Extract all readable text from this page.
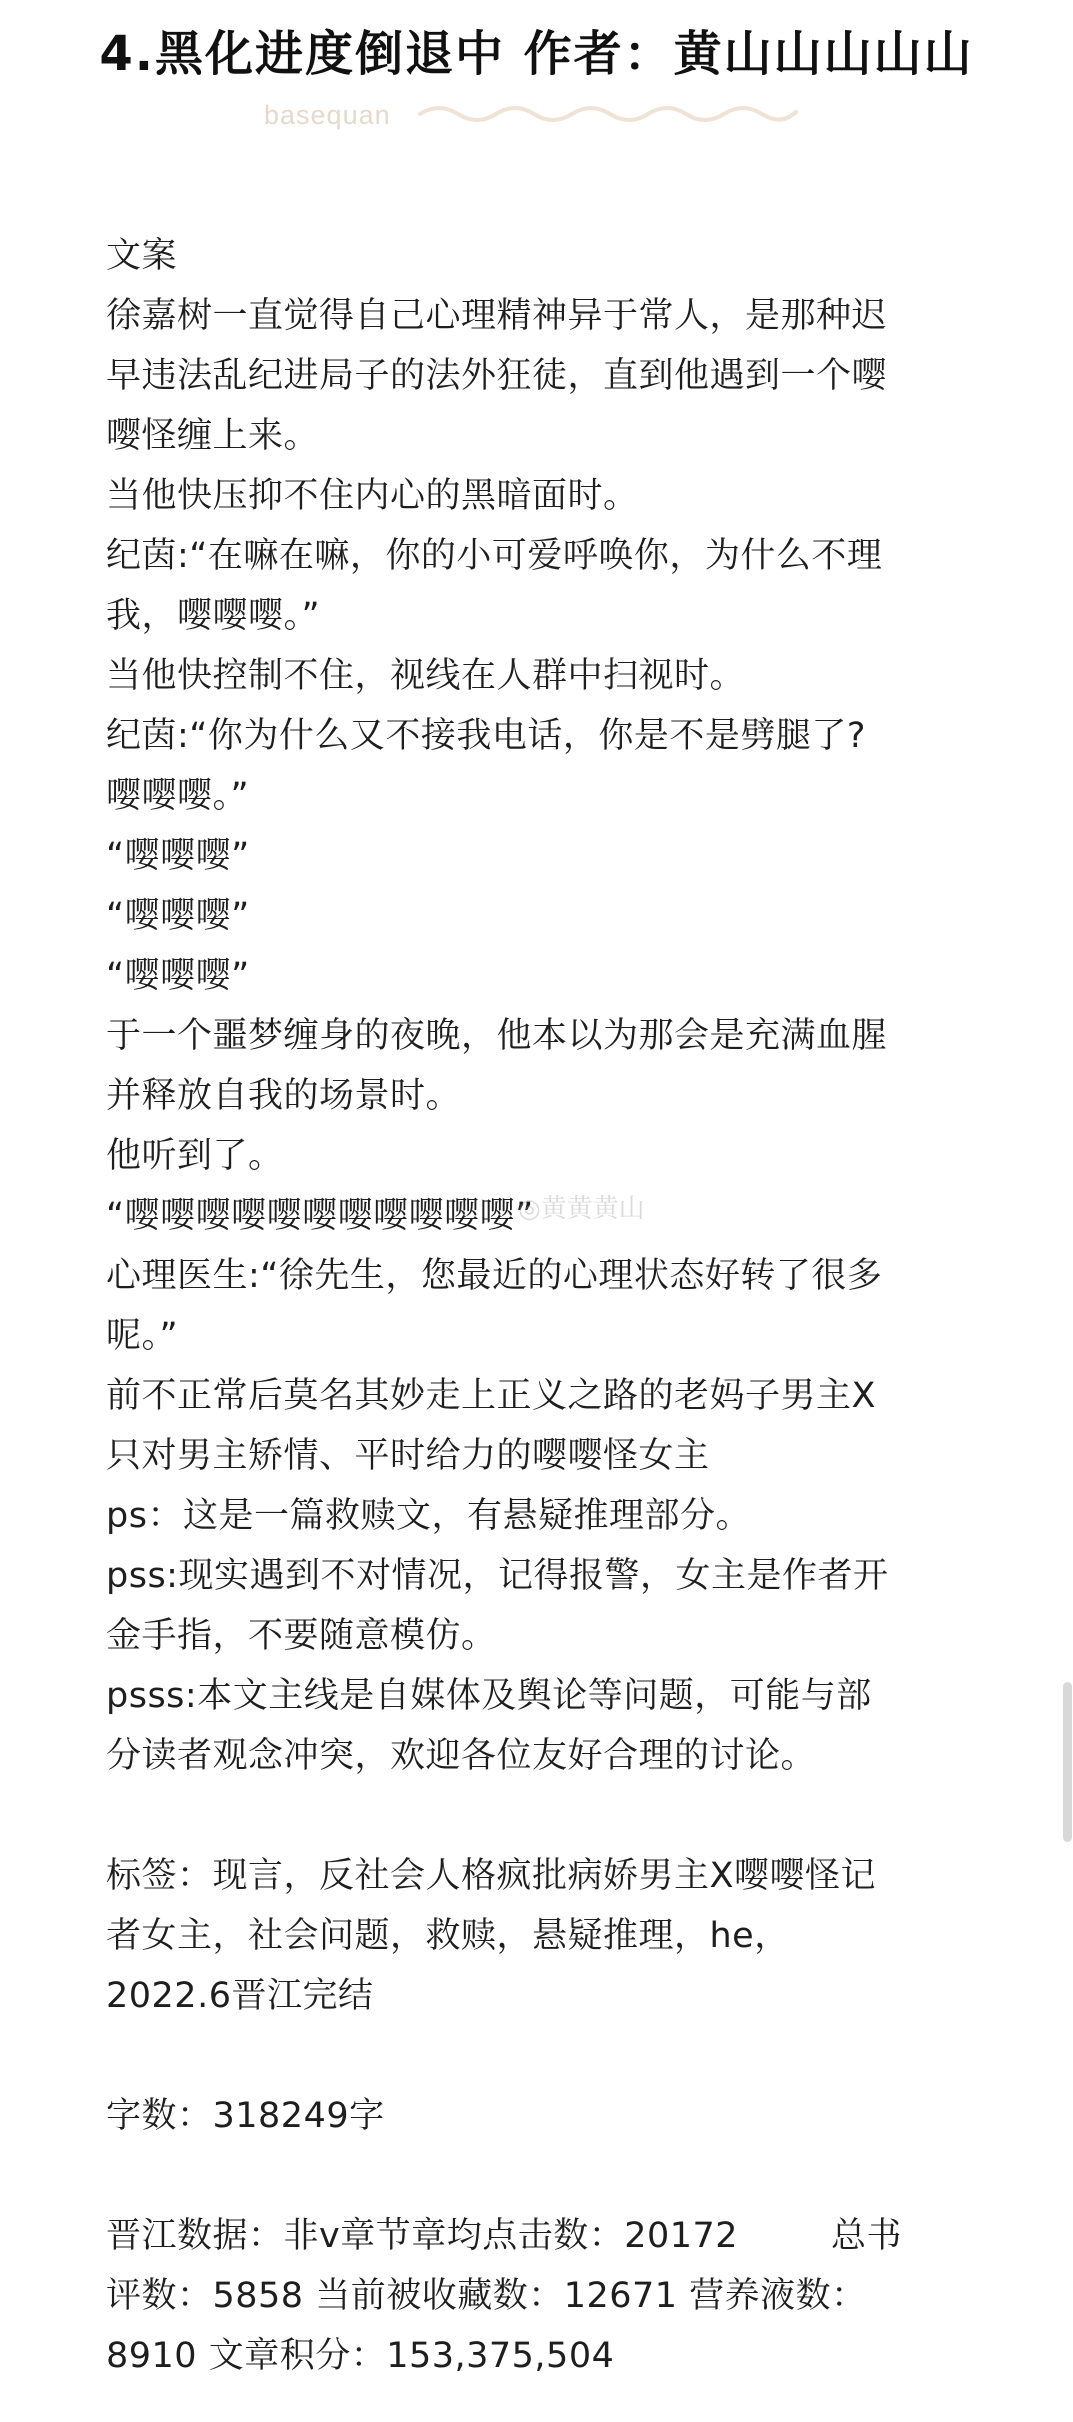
4.黑化进度倒退中 作者：黄山山山山山
basequan
文案
徐嘉树一直觉得自己心理精神异于常人，是那种迟
早违法乱纪进局子的法外狂徒，直到他遇到一个嘤
嘤怪缠上来。
当他快压抑不住内心的黑暗面时。
纪茵:“在嘛在嘛，你的小可爱呼唤你，为什么不理
我，嘤嘤嘤。”
当他快控制不住，视线在人群中扫视时。
纪茵:“你为什么又不接我电话，你是不是劈腿了?
嘤嘤嘤。”
“嘤嘤嘤”
“嘤嘤嘤”
“嘤嘤嘤”
于一个噩梦缠身的夜晚，他本以为那会是充满血腥
并释放自我的场景时。
他听到了。
“嘤嘤嘤嘤嘤嘤嘤嘤嘤嘤嘤”
心理医生:“徐先生，您最近的心理状态好转了很多
呢。”
前不正常后莫名其妙走上正义之路的老妈子男主X
只对男主矫情、平时给力的嘤嘤怪女主
ps：这是一篇救赎文，有悬疑推理部分。
pss:现实遇到不对情况，记得报警，女主是作者开
金手指，不要随意模仿。
psss:本文主线是自媒体及舆论等问题，可能与部
分读者观念冲突，欢迎各位友好合理的讨论。
标签：现言，反社会人格疯批病娇男主X嘤嘤怪记
者女主，社会问题，救赎，悬疑推理，he，
2022.6晋江完结
字数：318249字
晋江数据：非v章节章均点击数：20172        总书
评数：5858 当前被收藏数：12671 营养液数：
8910 文章积分：153,375,504
◎黄黄黄山
